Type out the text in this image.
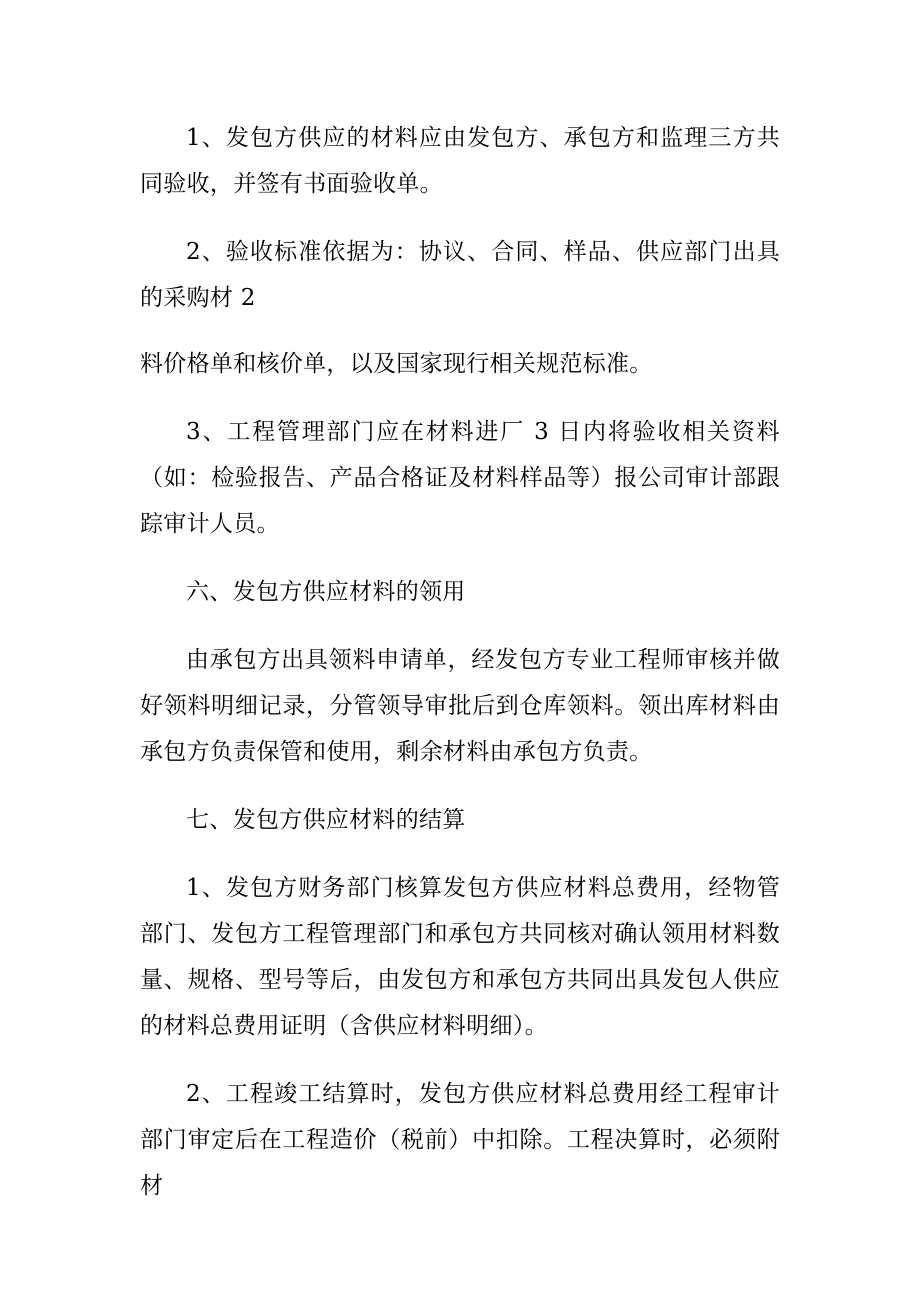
1、发包方供应的材料应由发包方、承包方和监理三方共同验收，并签有书面验收单。

2、验收标准依据为：协议、合同、样品、供应部门出具的采购材 2

料价格单和核价单，以及国家现行相关规范标准。

3、工程管理部门应在材料进厂 3 日内将验收相关资料（如：检验报告、产品合格证及材料样品等）报公司审计部跟踪审计人员。

六、发包方供应材料的领用

由承包方出具领料申请单，经发包方专业工程师审核并做好领料明细记录，分管领导审批后到仓库领料。领出库材料由承包方负责保管和使用，剩余材料由承包方负责。

七、发包方供应材料的结算

1、发包方财务部门核算发包方供应材料总费用，经物管部门、发包方工程管理部门和承包方共同核对确认领用材料数量、规格、型号等后，由发包方和承包方共同出具发包人供应的材料总费用证明（含供应材料明细）。

2、工程竣工结算时，发包方供应材料总费用经工程审计部门审定后在工程造价（税前）中扣除。工程决算时，必须附材
